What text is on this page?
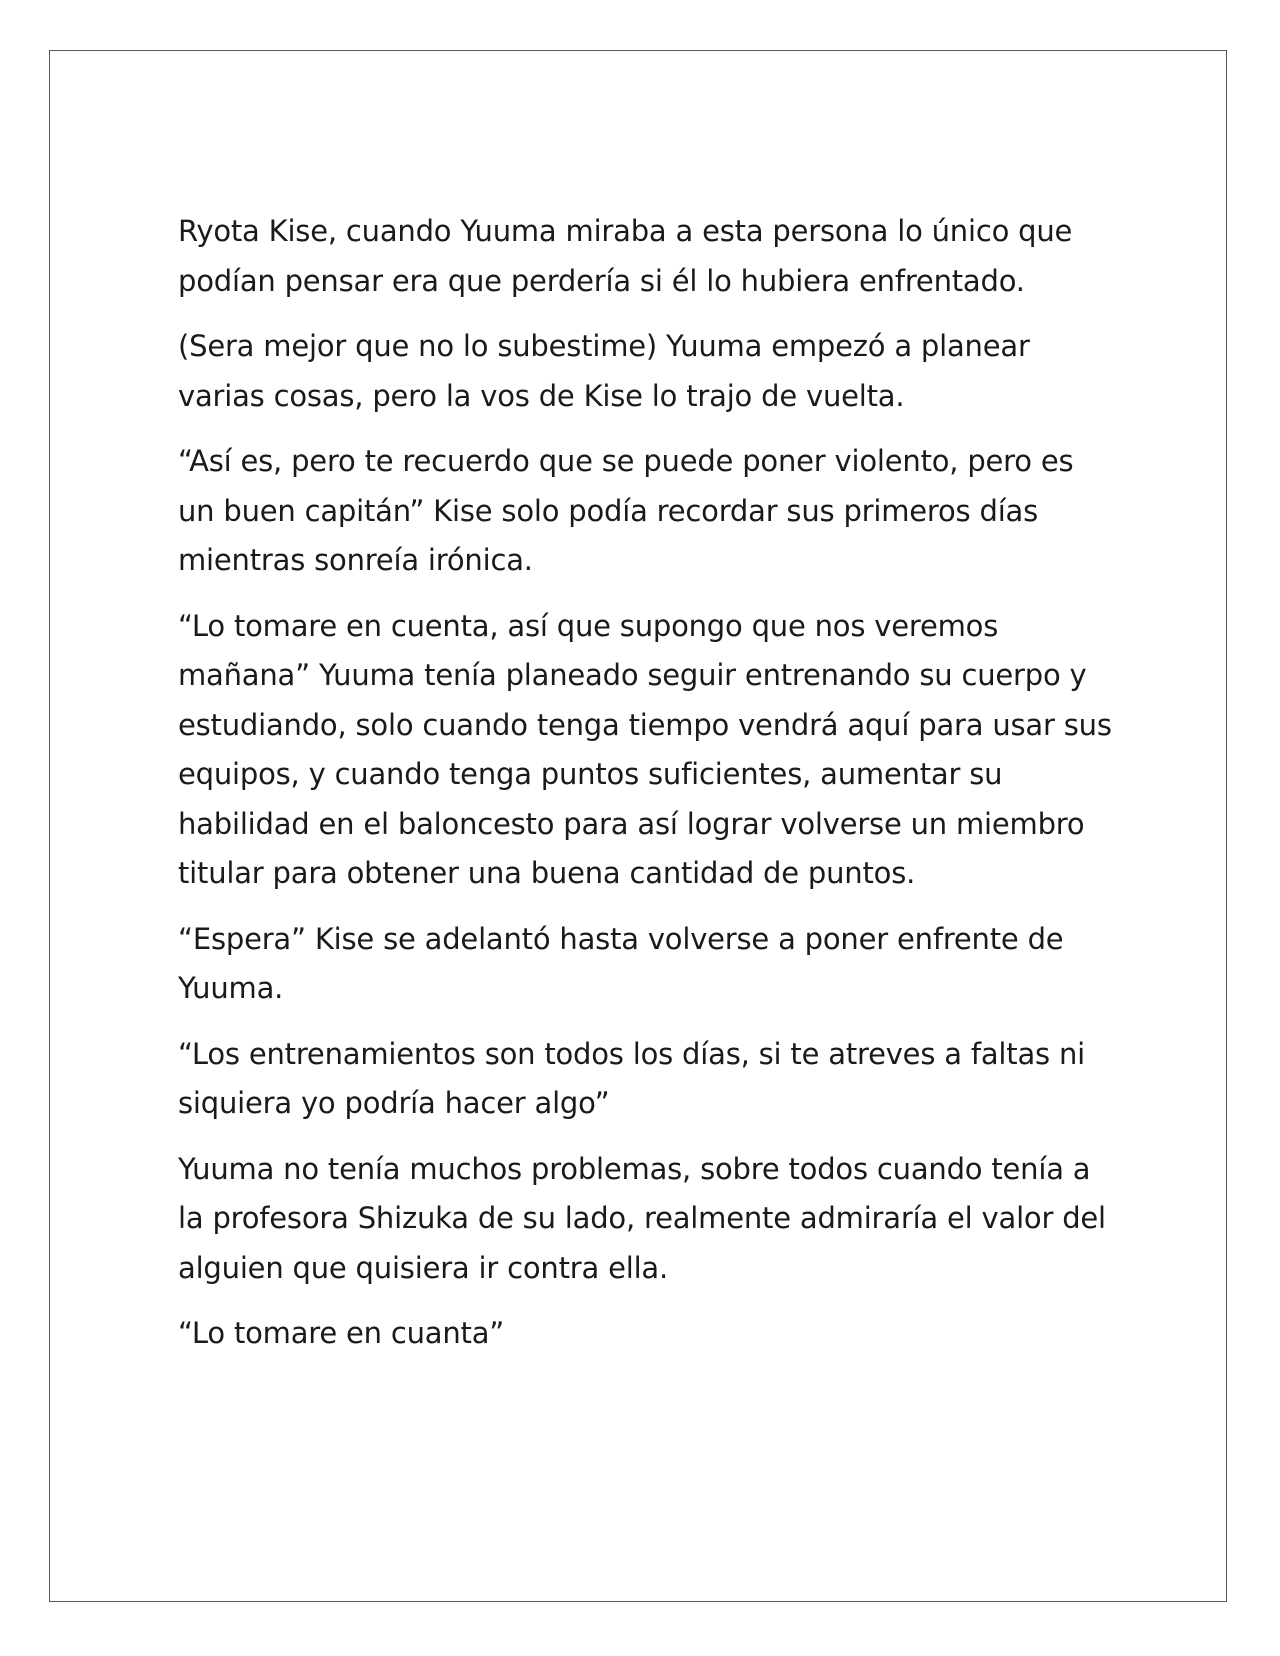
Ryota Kise, cuando Yuuma miraba a esta persona lo único que podían pensar era que perdería si él lo hubiera enfrentado.

(Sera mejor que no lo subestime) Yuuma empezó a planear varias cosas, pero la vos de Kise lo trajo de vuelta.

“Así es, pero te recuerdo que se puede poner violento, pero es un buen capitán” Kise solo podía recordar sus primeros días mientras sonreía irónica.

“Lo tomare en cuenta, así que supongo que nos veremos mañana” Yuuma tenía planeado seguir entrenando su cuerpo y estudiando, solo cuando tenga tiempo vendrá aquí para usar sus equipos, y cuando tenga puntos suficientes, aumentar su habilidad en el baloncesto para así lograr volverse un miembro titular para obtener una buena cantidad de puntos.

“Espera” Kise se adelantó hasta volverse a poner enfrente de Yuuma.

“Los entrenamientos son todos los días, si te atreves a faltas ni siquiera yo podría hacer algo”

Yuuma no tenía muchos problemas, sobre todos cuando tenía a la profesora Shizuka de su lado, realmente admiraría el valor del alguien que quisiera ir contra ella.

“Lo tomare en cuanta”
